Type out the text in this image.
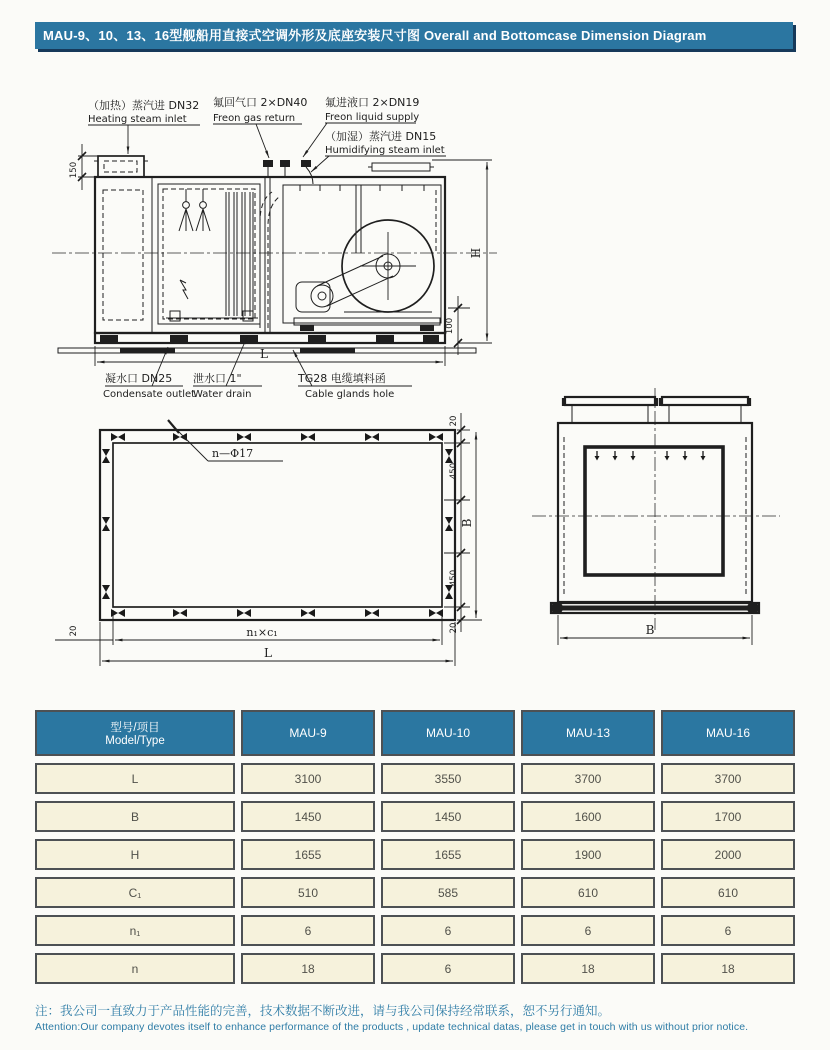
MAU-9、10、13、16型舰船用直接式空调外形及底座安装尺寸图 Overall and Bottomcase Dimension Diagram
150
H
100
L
（加热）蒸汽进 DN32
Heating steam inlet
氟回气口 2×DN40
Freon gas return
氟进液口 2×DN19
Freon liquid supply
（加湿）蒸汽进 DN15
Humidifying steam inlet
凝水口 DN25
Condensate outlet
泄水口 1"
Water drain
TG28 电缆填料函
Cable glands hole
n—Φ17
20
450
B
450
20
n₁×c₁
L
20	B
型号/项目
Model/Type
MAU-9	MAU-10	MAU-13	MAU-16
L	3100	3550	3700	3700
B	1450	1450	1600	1700
H	1655	1655	1900	2000
C₁	510	585	610	610
n₁	6	6	6	6
n	18	6	18	18
注：我公司一直致力于产品性能的完善，技术数据不断改进，请与我公司保持经常联系，恕不另行通知。
Attention:Our company devotes itself to enhance performance of the products , update technical datas, please get in touch with us without prior notice.
